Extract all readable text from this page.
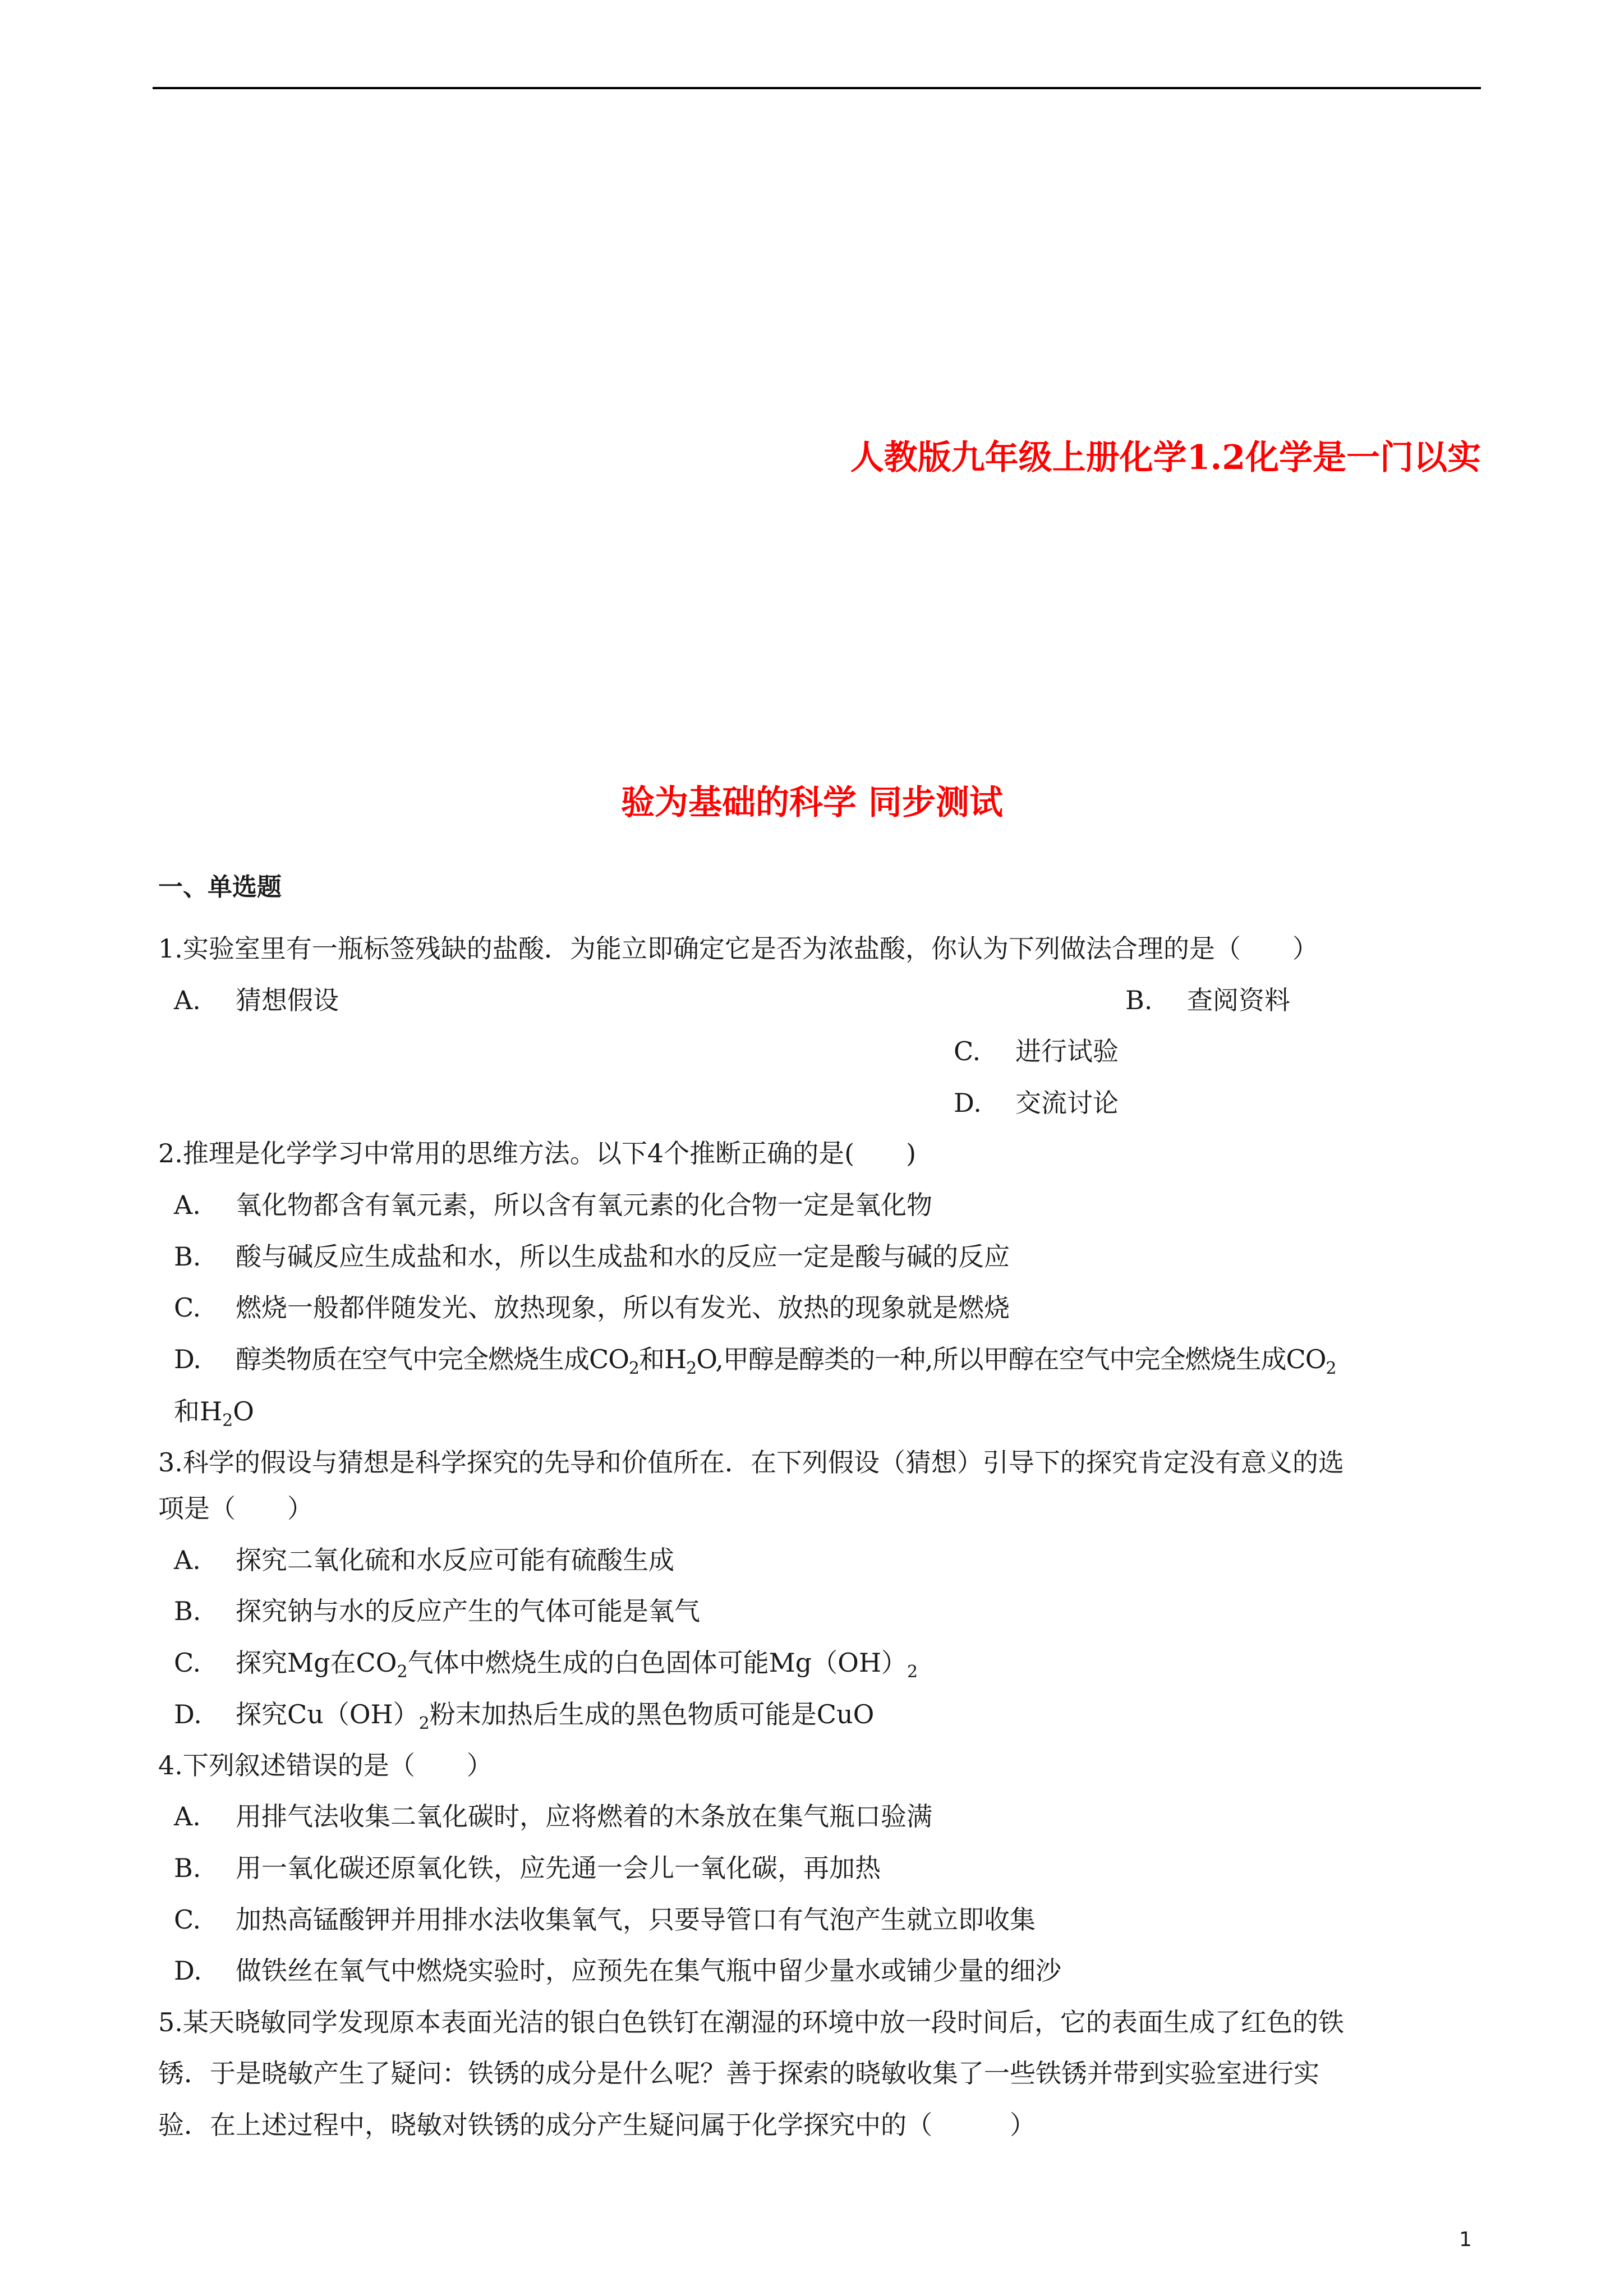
人教版九年级上册化学1.2化学是一门以实
验为基础的科学 同步测试
一、单选题
1.实验室里有一瓶标签残缺的盐酸．为能立即确定它是否为浓盐酸，你认为下列做法合理的是（　　）
A. 猜想假设	B. 查阅资料
C. 进行试验
D. 交流讨论
2.推理是化学学习中常用的思维方法。以下4个推断正确的是(　　)
A. 氧化物都含有氧元素，所以含有氧元素的化合物一定是氧化物
B. 酸与碱反应生成盐和水，所以生成盐和水的反应一定是酸与碱的反应
C. 燃烧一般都伴随发光、放热现象，所以有发光、放热的现象就是燃烧
D. 醇类物质在空气中完全燃烧生成$CO_2$和$H_2O$,甲醇是醇类的一种,所以甲醇在空气中完全燃烧生成$CO_2$
和$H_2O$
3.科学的假设与猜想是科学探究的先导和价值所在．在下列假设（猜想）引导下的探究肯定没有意义的选
项是（　　）
A. 探究二氧化硫和水反应可能有硫酸生成
B. 探究钠与水的反应产生的气体可能是氧气
C. 探究Mg在$CO_2$气体中燃烧生成的白色固体可能$Mg(OH)_2$
D. 探究$Cu(OH)_2$粉末加热后生成的黑色物质可能是CuO
4.下列叙述错误的是（　　）
A. 用排气法收集二氧化碳时，应将燃着的木条放在集气瓶口验满
B. 用一氧化碳还原氧化铁，应先通一会儿一氧化碳，再加热
C. 加热高锰酸钾并用排水法收集氧气，只要导管口有气泡产生就立即收集
D. 做铁丝在氧气中燃烧实验时，应预先在集气瓶中留少量水或铺少量的细沙
5.某天晓敏同学发现原本表面光洁的银白色铁钉在潮湿的环境中放一段时间后，它的表面生成了红色的铁
锈．于是晓敏产生了疑问：铁锈的成分是什么呢？善于探索的晓敏收集了一些铁锈并带到实验室进行实
验．在上述过程中，晓敏对铁锈的成分产生疑问属于化学探究中的（　　　）
1
